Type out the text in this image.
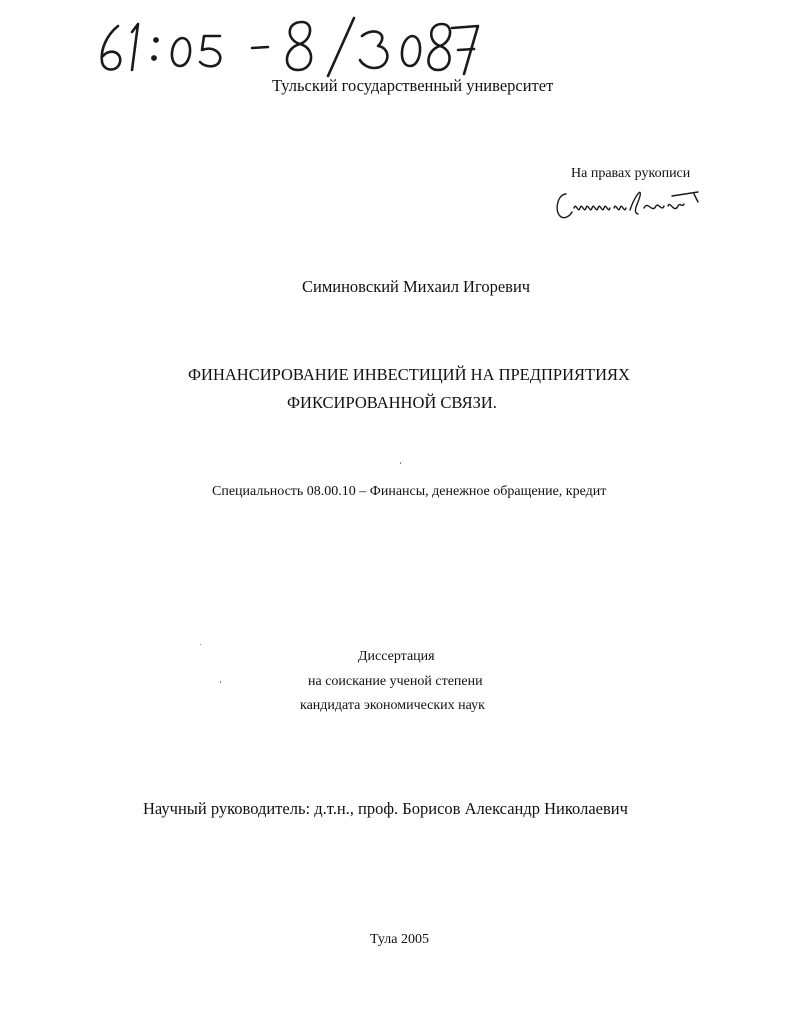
Тульский государственный университет
На правах рукописи
Симиновский Михаил Игоревич
ФИНАНСИРОВАНИЕ ИНВЕСТИЦИЙ НА ПРЕДПРИЯТИЯХ
ФИКСИРОВАННОЙ СВЯЗИ.
Специальность 08.00.10 – Финансы, денежное обращение, кредит
Диссертация
на соискание ученой степени
кандидата экономических наук
Научный руководитель: д.т.н., проф. Борисов Александр Николаевич
Тула 2005
